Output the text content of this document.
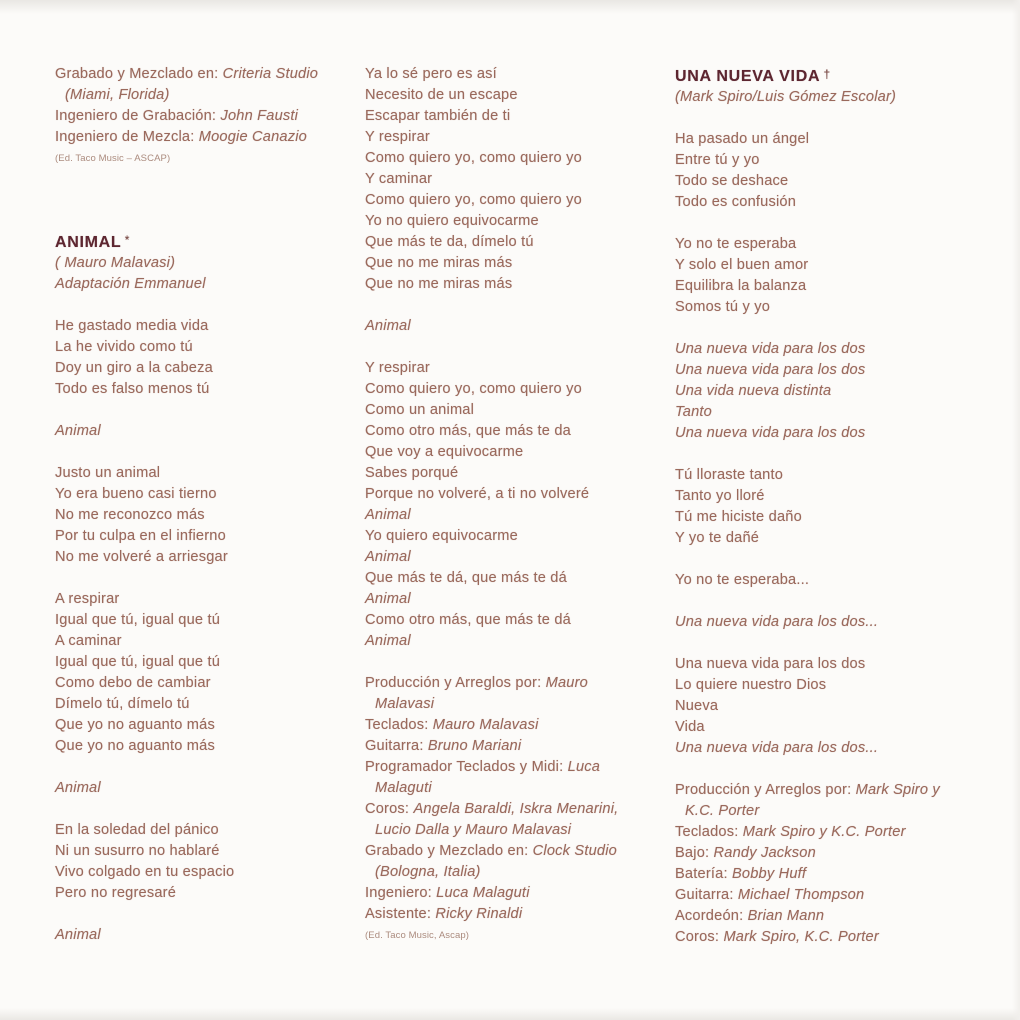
Grabado y Mezclado en: Criteria Studio
(Miami, Florida)
Ingeniero de Grabación: John Fausti
Ingeniero de Mezcla: Moogie Canazio
(Ed. Taco Music – ASCAP)
ANIMAL *
( Mauro Malavasi)
Adaptación Emmanuel
He gastado media vida
La he vivido como tú
Doy un giro a la cabeza
Todo es falso menos tú
Animal
Justo un animal
Yo era bueno casi tierno
No me reconozco más
Por tu culpa en el infierno
No me volveré a arriesgar
A respirar
Igual que tú, igual que tú
A caminar
Igual que tú, igual que tú
Como debo de cambiar
Dímelo tú, dímelo tú
Que yo no aguanto más
Que yo no aguanto más
Animal
En la soledad del pánico
Ni un susurro no hablaré
Vivo colgado en tu espacio
Pero no regresaré
Animal
Ya lo sé pero es así
Necesito de un escape
Escapar también de ti
Y respirar
Como quiero yo, como quiero yo
Y caminar
Como quiero yo, como quiero yo
Yo no quiero equivocarme
Que más te da, dímelo tú
Que no me miras más
Que no me miras más
Animal
Y respirar
Como quiero yo, como quiero yo
Como un animal
Como otro más, que más te da
Que voy a equivocarme
Sabes porqué
Porque no volveré, a ti no volveré
Animal
Yo quiero equivocarme
Animal
Que más te dá, que más te dá
Animal
Como otro más, que más te dá
Animal
Producción y Arreglos por: Mauro
Malavasi
Teclados: Mauro Malavasi
Guitarra: Bruno Mariani
Programador Teclados y Midi: Luca
Malaguti
Coros: Angela Baraldi, Iskra Menarini,
Lucio Dalla y Mauro Malavasi
Grabado y Mezclado en: Clock Studio
(Bologna, Italia)
Ingeniero: Luca Malaguti
Asistente: Ricky Rinaldi
(Ed. Taco Music, Ascap)
UNA NUEVA VIDA †
(Mark Spiro/Luis Gómez Escolar)
Ha pasado un ángel
Entre tú y yo
Todo se deshace
Todo es confusión
Yo no te esperaba
Y solo el buen amor
Equilibra la balanza
Somos tú y yo
Una nueva vida para los dos
Una nueva vida para los dos
Una vida nueva distinta
Tanto
Una nueva vida para los dos
Tú lloraste tanto
Tanto yo lloré
Tú me hiciste daño
Y yo te dañé
Yo no te esperaba...
Una nueva vida para los dos...
Una nueva vida para los dos
Lo quiere nuestro Dios
Nueva
Vida
Una nueva vida para los dos...
Producción y Arreglos por: Mark Spiro y
K.C. Porter
Teclados: Mark Spiro y K.C. Porter
Bajo: Randy Jackson
Batería: Bobby Huff
Guitarra: Michael Thompson
Acordeón: Brian Mann
Coros: Mark Spiro, K.C. Porter
